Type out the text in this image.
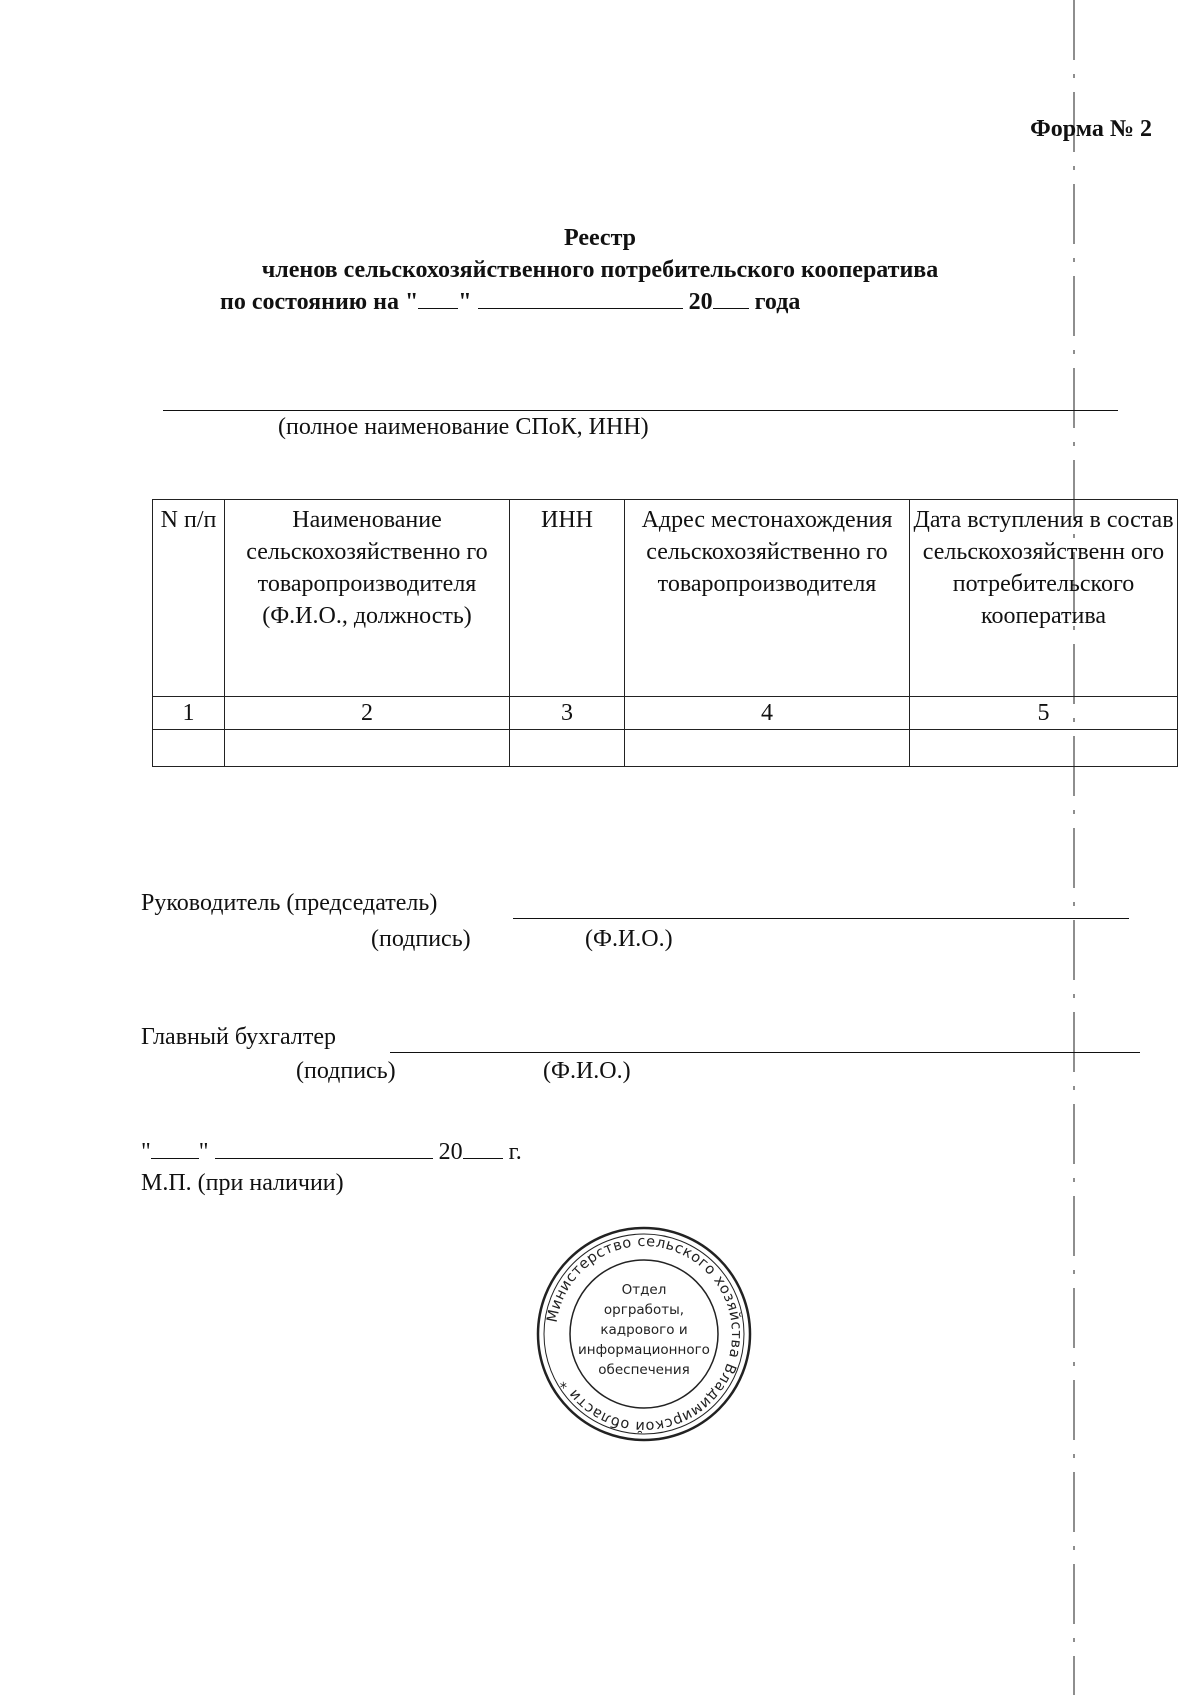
Форма № 2
Реестр
членов сельскохозяйственного потребительского кооператива
по состоянию на " "	20 года
(полное наименование СПоК, ИНН)
N п/п	Наименование сельскохозяйственно го товаропроизводителя (Ф.И.О., должность)	ИНН	Адрес местонахождения сельскохозяйственно го товаропроизводителя	Дата вступления в состав сельскохозяйственн ого потребительского кооператива
1	2	3	4	5

Руководитель (председатель)
(подпись)	(Ф.И.О.)
Главный бухгалтер
(подпись)	(Ф.И.О.)
" "	20 г.
М.П. (при наличии)
Министерство сельского хозяйства Владимирской области *
Отдел
оргработы,
кадрового и
информационного
обеспечения
